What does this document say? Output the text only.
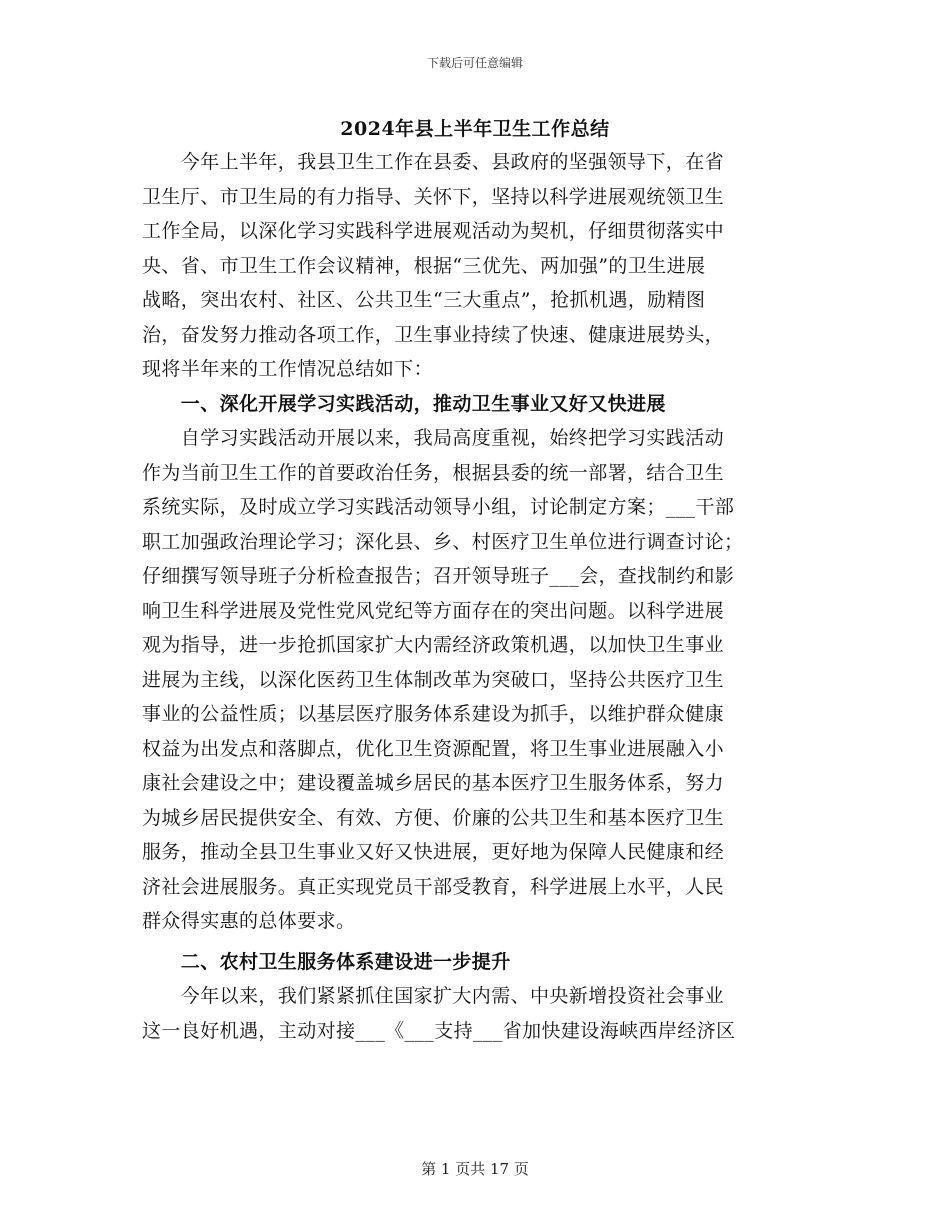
下载后可任意编辑
2024年县上半年卫生工作总结
　　今年上半年，我县卫生工作在县委、县政府的坚强领导下，在省
卫生厅、市卫生局的有力指导、关怀下，坚持以科学进展观统领卫生
工作全局，以深化学习实践科学进展观活动为契机，仔细贯彻落实中
央、省、市卫生工作会议精神，根据“三优先、两加强”的卫生进展
战略，突出农村、社区、公共卫生“三大重点”，抢抓机遇，励精图
治，奋发努力推动各项工作，卫生事业持续了快速、健康进展势头，
现将半年来的工作情况总结如下：
　　一、深化开展学习实践活动，推动卫生事业又好又快进展
　　自学习实践活动开展以来，我局高度重视，始终把学习实践活动
作为当前卫生工作的首要政治任务，根据县委的统一部署，结合卫生
系统实际，及时成立学习实践活动领导小组，讨论制定方案；___干部
职工加强政治理论学习；深化县、乡、村医疗卫生单位进行调查讨论；
仔细撰写领导班子分析检查报告；召开领导班子___会，查找制约和影
响卫生科学进展及党性党风党纪等方面存在的突出问题。以科学进展
观为指导，进一步抢抓国家扩大内需经济政策机遇，以加快卫生事业
进展为主线，以深化医药卫生体制改革为突破口，坚持公共医疗卫生
事业的公益性质；以基层医疗服务体系建设为抓手，以维护群众健康
权益为出发点和落脚点，优化卫生资源配置，将卫生事业进展融入小
康社会建设之中；建设覆盖城乡居民的基本医疗卫生服务体系，努力
为城乡居民提供安全、有效、方便、价廉的公共卫生和基本医疗卫生
服务，推动全县卫生事业又好又快进展，更好地为保障人民健康和经
济社会进展服务。真正实现党员干部受教育，科学进展上水平，人民
群众得实惠的总体要求。
　　二、农村卫生服务体系建设进一步提升
　　今年以来，我们紧紧抓住国家扩大内需、中央新增投资社会事业
这一良好机遇，主动对接___《___支持___省加快建设海峡西岸经济区
第 1 页共 17 页
